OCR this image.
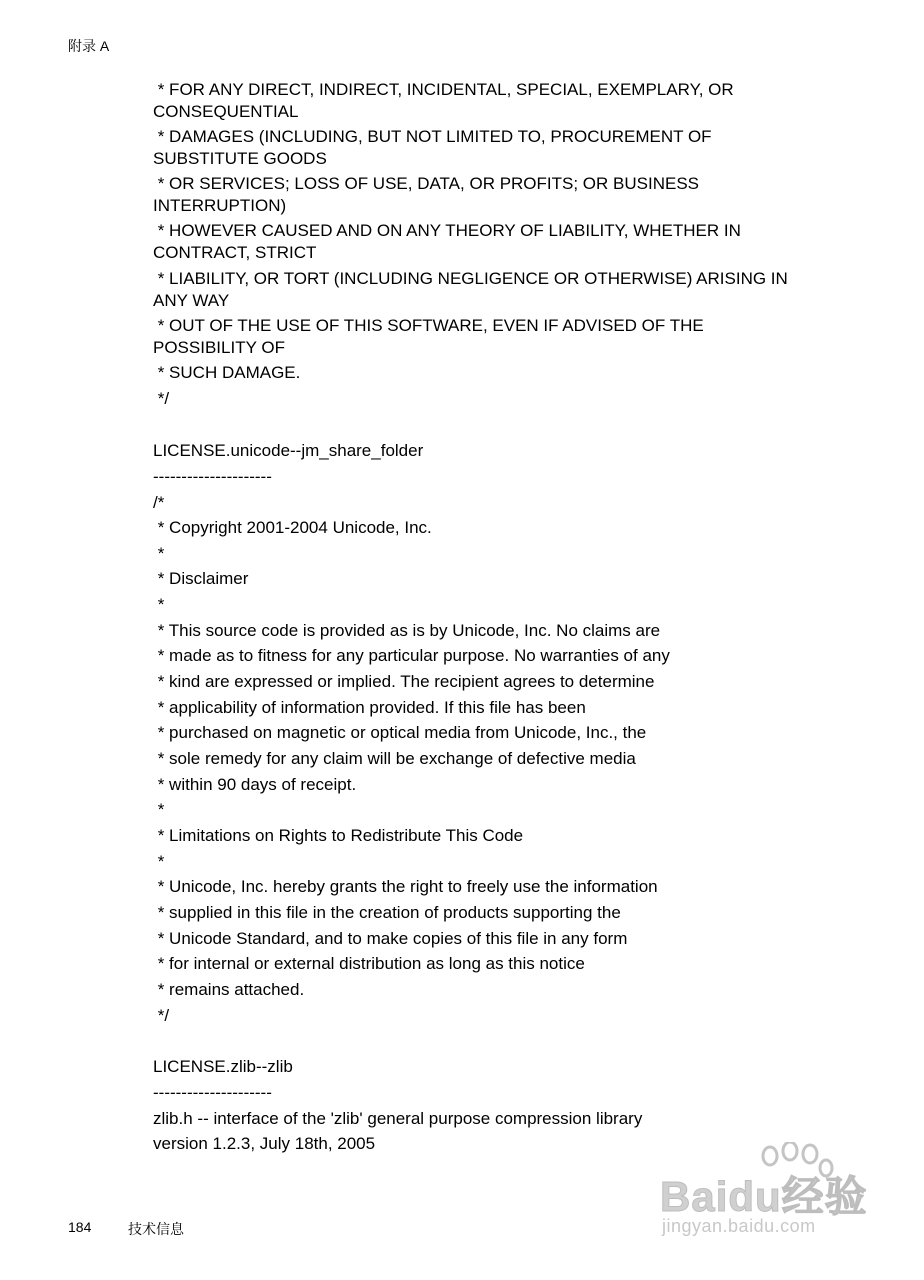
附录 A
* FOR ANY DIRECT, INDIRECT, INCIDENTAL, SPECIAL, EXEMPLARY, OR
CONSEQUENTIAL
* DAMAGES (INCLUDING, BUT NOT LIMITED TO, PROCUREMENT OF
SUBSTITUTE GOODS
* OR SERVICES; LOSS OF USE, DATA, OR PROFITS; OR BUSINESS
INTERRUPTION)
* HOWEVER CAUSED AND ON ANY THEORY OF LIABILITY, WHETHER IN
CONTRACT, STRICT
* LIABILITY, OR TORT (INCLUDING NEGLIGENCE OR OTHERWISE) ARISING IN
ANY WAY
* OUT OF THE USE OF THIS SOFTWARE, EVEN IF ADVISED OF THE
POSSIBILITY OF
* SUCH DAMAGE.
*/
LICENSE.unicode--jm_share_folder
---------------------
/*
* Copyright 2001-2004 Unicode, Inc.
*
* Disclaimer
*
* This source code is provided as is by Unicode, Inc. No claims are
* made as to fitness for any particular purpose. No warranties of any
* kind are expressed or implied. The recipient agrees to determine
* applicability of information provided. If this file has been
* purchased on magnetic or optical media from Unicode, Inc., the
* sole remedy for any claim will be exchange of defective media
* within 90 days of receipt.
*
* Limitations on Rights to Redistribute This Code
*
* Unicode, Inc. hereby grants the right to freely use the information
* supplied in this file in the creation of products supporting the
* Unicode Standard, and to make copies of this file in any form
* for internal or external distribution as long as this notice
* remains attached.
*/
LICENSE.zlib--zlib
---------------------
zlib.h -- interface of the 'zlib' general purpose compression library
version 1.2.3, July 18th, 2005
184	技术信息
Baidu经验
jingyan.baidu.com
